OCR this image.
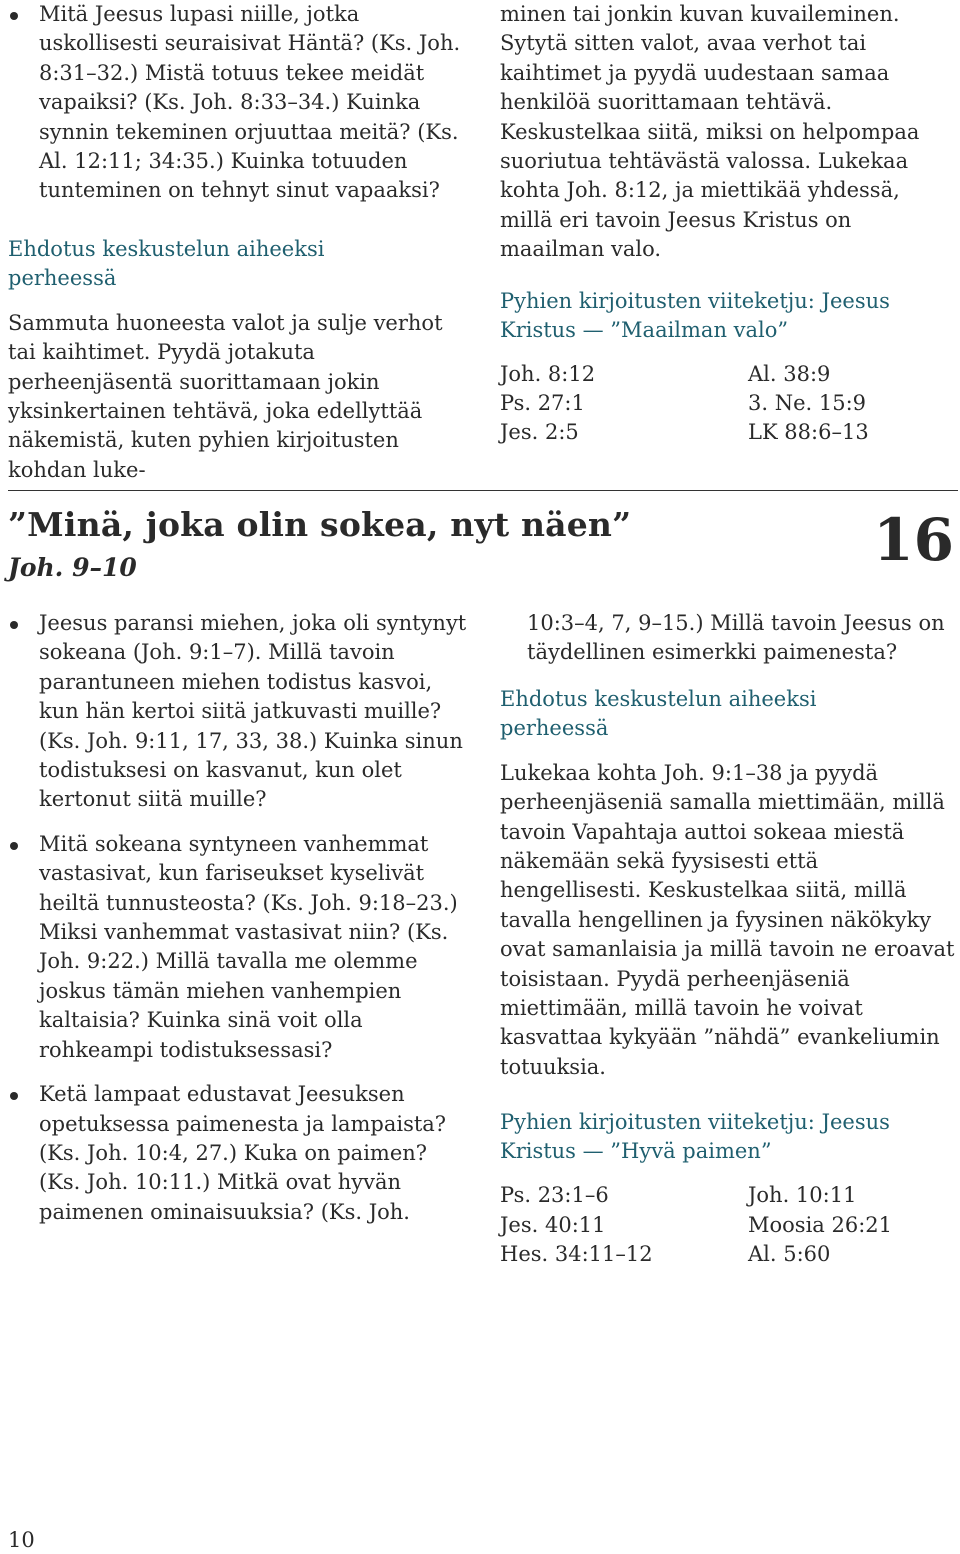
Mitä Jeesus lupasi niille, jotka uskollisesti seuraisivat Häntä? (Ks. Joh. 8:31–32.) Mistä totuus tekee meidät vapaiksi? (Ks. Joh. 8:33–34.) Kuinka synnin tekeminen orjuuttaa meitä? (Ks. Al. 12:11; 34:35.) Kuinka totuuden tunteminen on tehnyt sinut vapaaksi?
Ehdotus keskustelun aiheeksi perheessä

Sammuta huoneesta valot ja sulje verhot tai kaihtimet. Pyydä jotakuta perheenjäsentä suorittamaan jokin yksinkertainen tehtävä, joka edellyttää näkemistä, kuten pyhien kirjoitusten kohdan luke-

minen tai jonkin kuvan kuvaileminen. Sytytä sitten valot, avaa verhot tai kaihtimet ja pyydä uudestaan samaa henkilöä suorittamaan tehtävä. Keskustelkaa siitä, miksi on helpompaa suoriutua tehtävästä valossa. Lukekaa kohta Joh. 8:12, ja miettikää yhdessä, millä eri tavoin Jeesus Kristus on maailman valo.

Pyhien kirjoitusten viiteketju: Jeesus Kristus — ”Maailman valo”
Joh. 8:12	Al. 38:9
Ps. 27:1	3. Ne. 15:9
Jes. 2:5	LK 88:6–13
”Minä, joka olin sokea, nyt näen”
Joh. 9–10	16
Jeesus paransi miehen, joka oli syntynyt sokeana (Joh. 9:1–7). Millä tavoin parantuneen miehen todistus kasvoi, kun hän kertoi siitä jatkuvasti muille? (Ks. Joh. 9:11, 17, 33, 38.) Kuinka sinun todistuksesi on kasvanut, kun olet kertonut siitä muille?
Mitä sokeana syntyneen vanhemmat vastasivat, kun fariseukset kyselivät heiltä tunnusteosta? (Ks. Joh. 9:18–23.) Miksi vanhemmat vastasivat niin? (Ks. Joh. 9:22.) Millä tavalla me olemme joskus tämän miehen vanhempien kaltaisia? Kuinka sinä voit olla rohkeampi todistuksessasi?
Ketä lampaat edustavat Jeesuksen opetuksessa paimenesta ja lampaista? (Ks. Joh. 10:4, 27.) Kuka on paimen? (Ks. Joh. 10:11.) Mitkä ovat hyvän paimenen ominaisuuksia? (Ks. Joh.

10:3–4, 7, 9–15.) Millä tavoin Jeesus on täydellinen esimerkki paimenesta?

Ehdotus keskustelun aiheeksi perheessä

Lukekaa kohta Joh. 9:1–38 ja pyydä perheenjäseniä samalla miettimään, millä tavoin Vapahtaja auttoi sokeaa miestä näkemään sekä fyysisesti että hengellisesti. Keskustelkaa siitä, millä tavalla hengellinen ja fyysinen näkökyky ovat samanlaisia ja millä tavoin ne eroavat toisistaan. Pyydä perheenjäseniä miettimään, millä tavoin he voivat kasvattaa kykyään ”nähdä” evankeliumin totuuksia.

Pyhien kirjoitusten viiteketju: Jeesus Kristus — ”Hyvä paimen”
Ps. 23:1–6	Joh. 10:11
Jes. 40:11	Moosia 26:21
Hes. 34:11–12	Al. 5:60
10
